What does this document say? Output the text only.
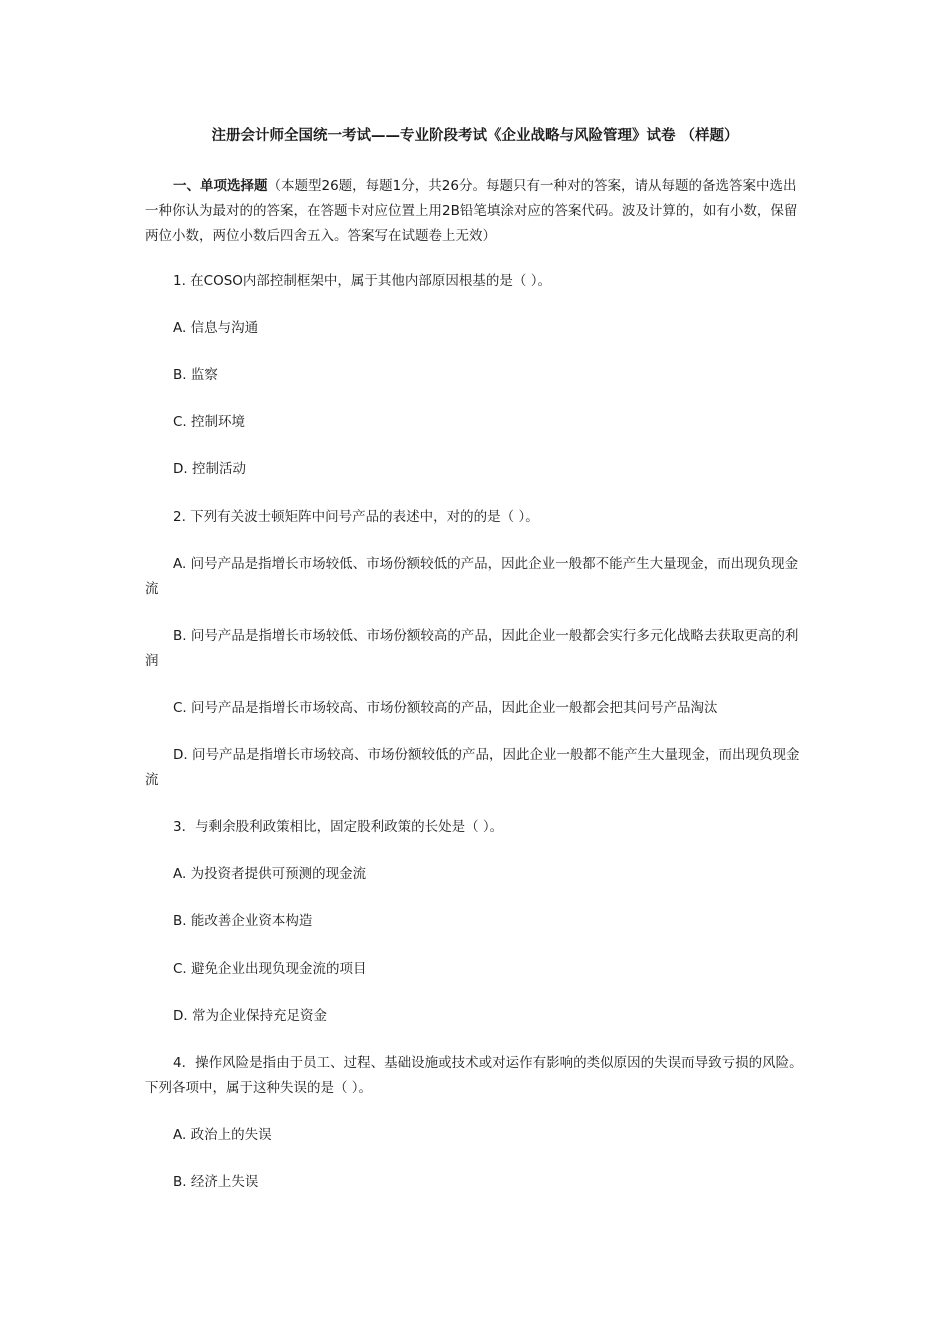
注册会计师全国统一考试——专业阶段考试《企业战略与风险管理》试卷 （样题）

一、单项选择题（本题型26题，每题1分，共26分。每题只有一种对的答案，请从每题的备选答案中选出一种你认为最对的的答案，在答题卡对应位置上用2B铅笔填涂对应的答案代码。波及计算的，如有小数，保留两位小数，两位小数后四舍五入。答案写在试题卷上无效）

1. 在COSO内部控制框架中，属于其他内部原因根基的是（ ）。

A. 信息与沟通

B. 监察

C. 控制环境

D. 控制活动

2. 下列有关波士顿矩阵中问号产品的表述中，对的的是（ ）。

A. 问号产品是指增长市场较低、市场份额较低的产品，因此企业一般都不能产生大量现金，而出现负现金流

B. 问号产品是指增长市场较低、市场份额较高的产品，因此企业一般都会实行多元化战略去获取更高的利润

C. 问号产品是指增长市场较高、市场份额较高的产品，因此企业一般都会把其问号产品淘汰

D. 问号产品是指增长市场较高、市场份额较低的产品，因此企业一般都不能产生大量现金，而出现负现金流

3．与剩余股利政策相比，固定股利政策的长处是（ ）。

A. 为投资者提供可预测的现金流

B. 能改善企业资本构造

C. 避免企业出现负现金流的项目

D. 常为企业保持充足资金

4．操作风险是指由于员工、过程、基础设施或技术或对运作有影响的类似原因的失误而导致亏损的风险。下列各项中，属于这种失误的是（ ）。

A. 政治上的失误

B. 经济上失误
